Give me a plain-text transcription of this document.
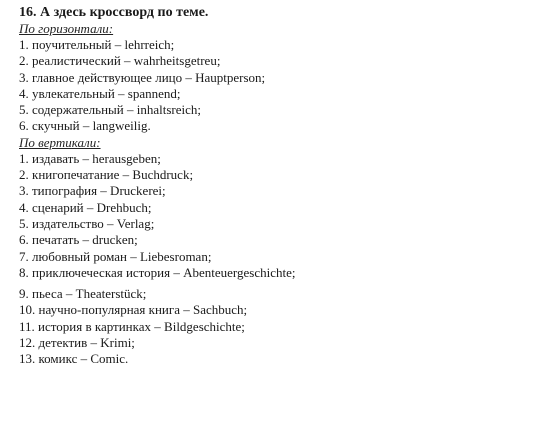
16. А здесь кроссворд по теме.

По горизонтали:

1. поучительный – lehrreich;
2. реалистический – wahrheitsgetreu;
3. главное действующее лицо – Hauptperson;
4. увлекательный – spannend;
5. содержательный – inhaltsreich;
6. скучный – langweilig.

По вертикали:

1. издавать – herausgeben;
2. книгопечатание – Buchdruck;
3. типография – Druckerei;
4. сценарий – Drehbuch;
5. издательство – Verlag;
6. печатать – drucken;
7. любовный роман – Liebesroman;
8. приключеческая история – Abenteuergeschichte;
9. пьеса – Theaterstück;
10. научно-популярная книга – Sachbuch;
11. история в картинках – Bildgeschichte;
12. детектив – Krimi;
13. комикс – Comic.
